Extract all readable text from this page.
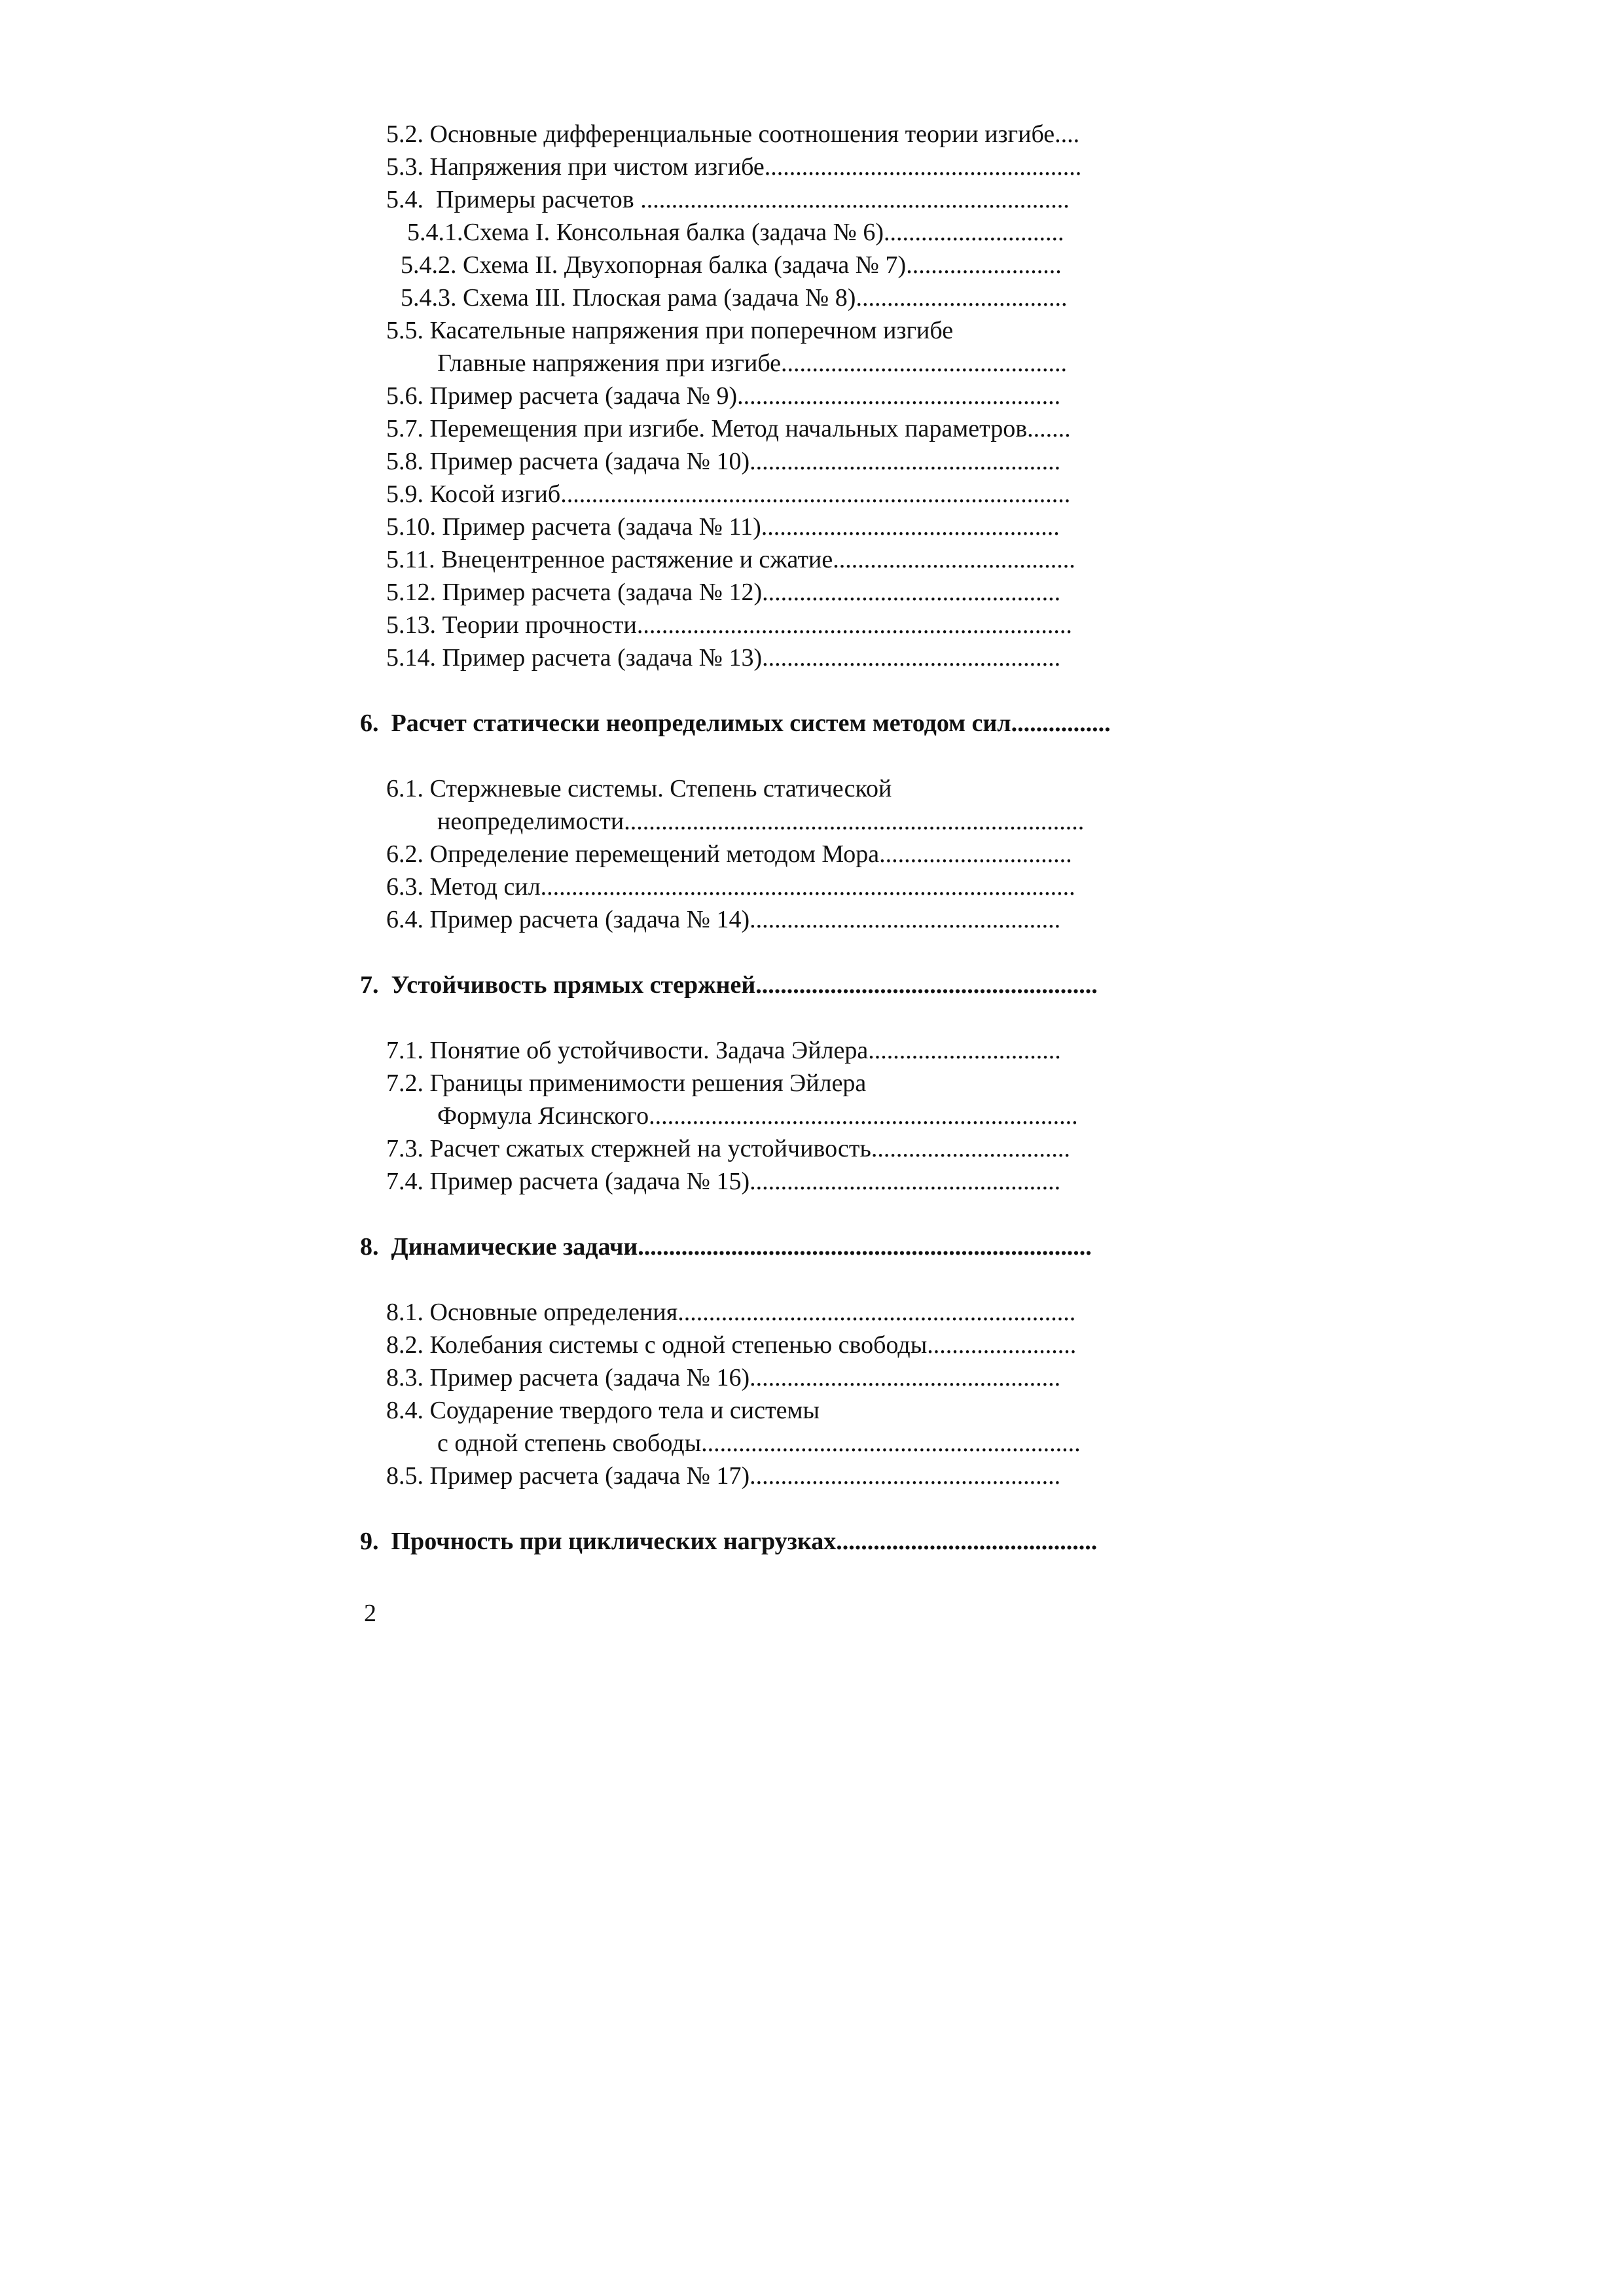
5.2. Основные дифференциальные соотношения теории изгибе....
5.3. Напряжения при чистом изгибе...................................................
5.4.  Примеры расчетов .....................................................................
5.4.1.Схема I. Консольная балка (задача № 6).............................
5.4.2. Схема II. Двухопорная балка (задача № 7).........................
5.4.3. Схема III. Плоская рама (задача № 8)..................................
5.5. Касательные напряжения при поперечном изгибе
Главные напряжения при изгибе..............................................
5.6. Пример расчета (задача № 9)....................................................
5.7. Перемещения при изгибе. Метод начальных параметров.......
5.8. Пример расчета (задача № 10)..................................................
5.9. Косой изгиб..................................................................................
5.10. Пример расчета (задача № 11)................................................
5.11. Внецентренное растяжение и сжатие.......................................
5.12. Пример расчета (задача № 12)................................................
5.13. Теории прочности......................................................................
5.14. Пример расчета (задача № 13)................................................
6.  Расчет статически неопределимых систем методом сил................
6.1. Стержневые системы. Степень статической
неопределимости..........................................................................
6.2. Определение перемещений методом Мора...............................
6.3. Метод сил......................................................................................
6.4. Пример расчета (задача № 14)..................................................
7.  Устойчивость прямых стержней.......................................................
7.1. Понятие об устойчивости. Задача Эйлера...............................
7.2. Границы применимости решения Эйлера
Формула Ясинского.....................................................................
7.3. Расчет сжатых стержней на устойчивость................................
7.4. Пример расчета (задача № 15)..................................................
8.  Динамические задачи.........................................................................
8.1. Основные определения................................................................
8.2. Колебания системы с одной степенью свободы........................
8.3. Пример расчета (задача № 16)..................................................
8.4. Соударение твердого тела и системы
с одной степень свободы.............................................................
8.5. Пример расчета (задача № 17)..................................................
9.  Прочность при циклических нагрузках..........................................
2
